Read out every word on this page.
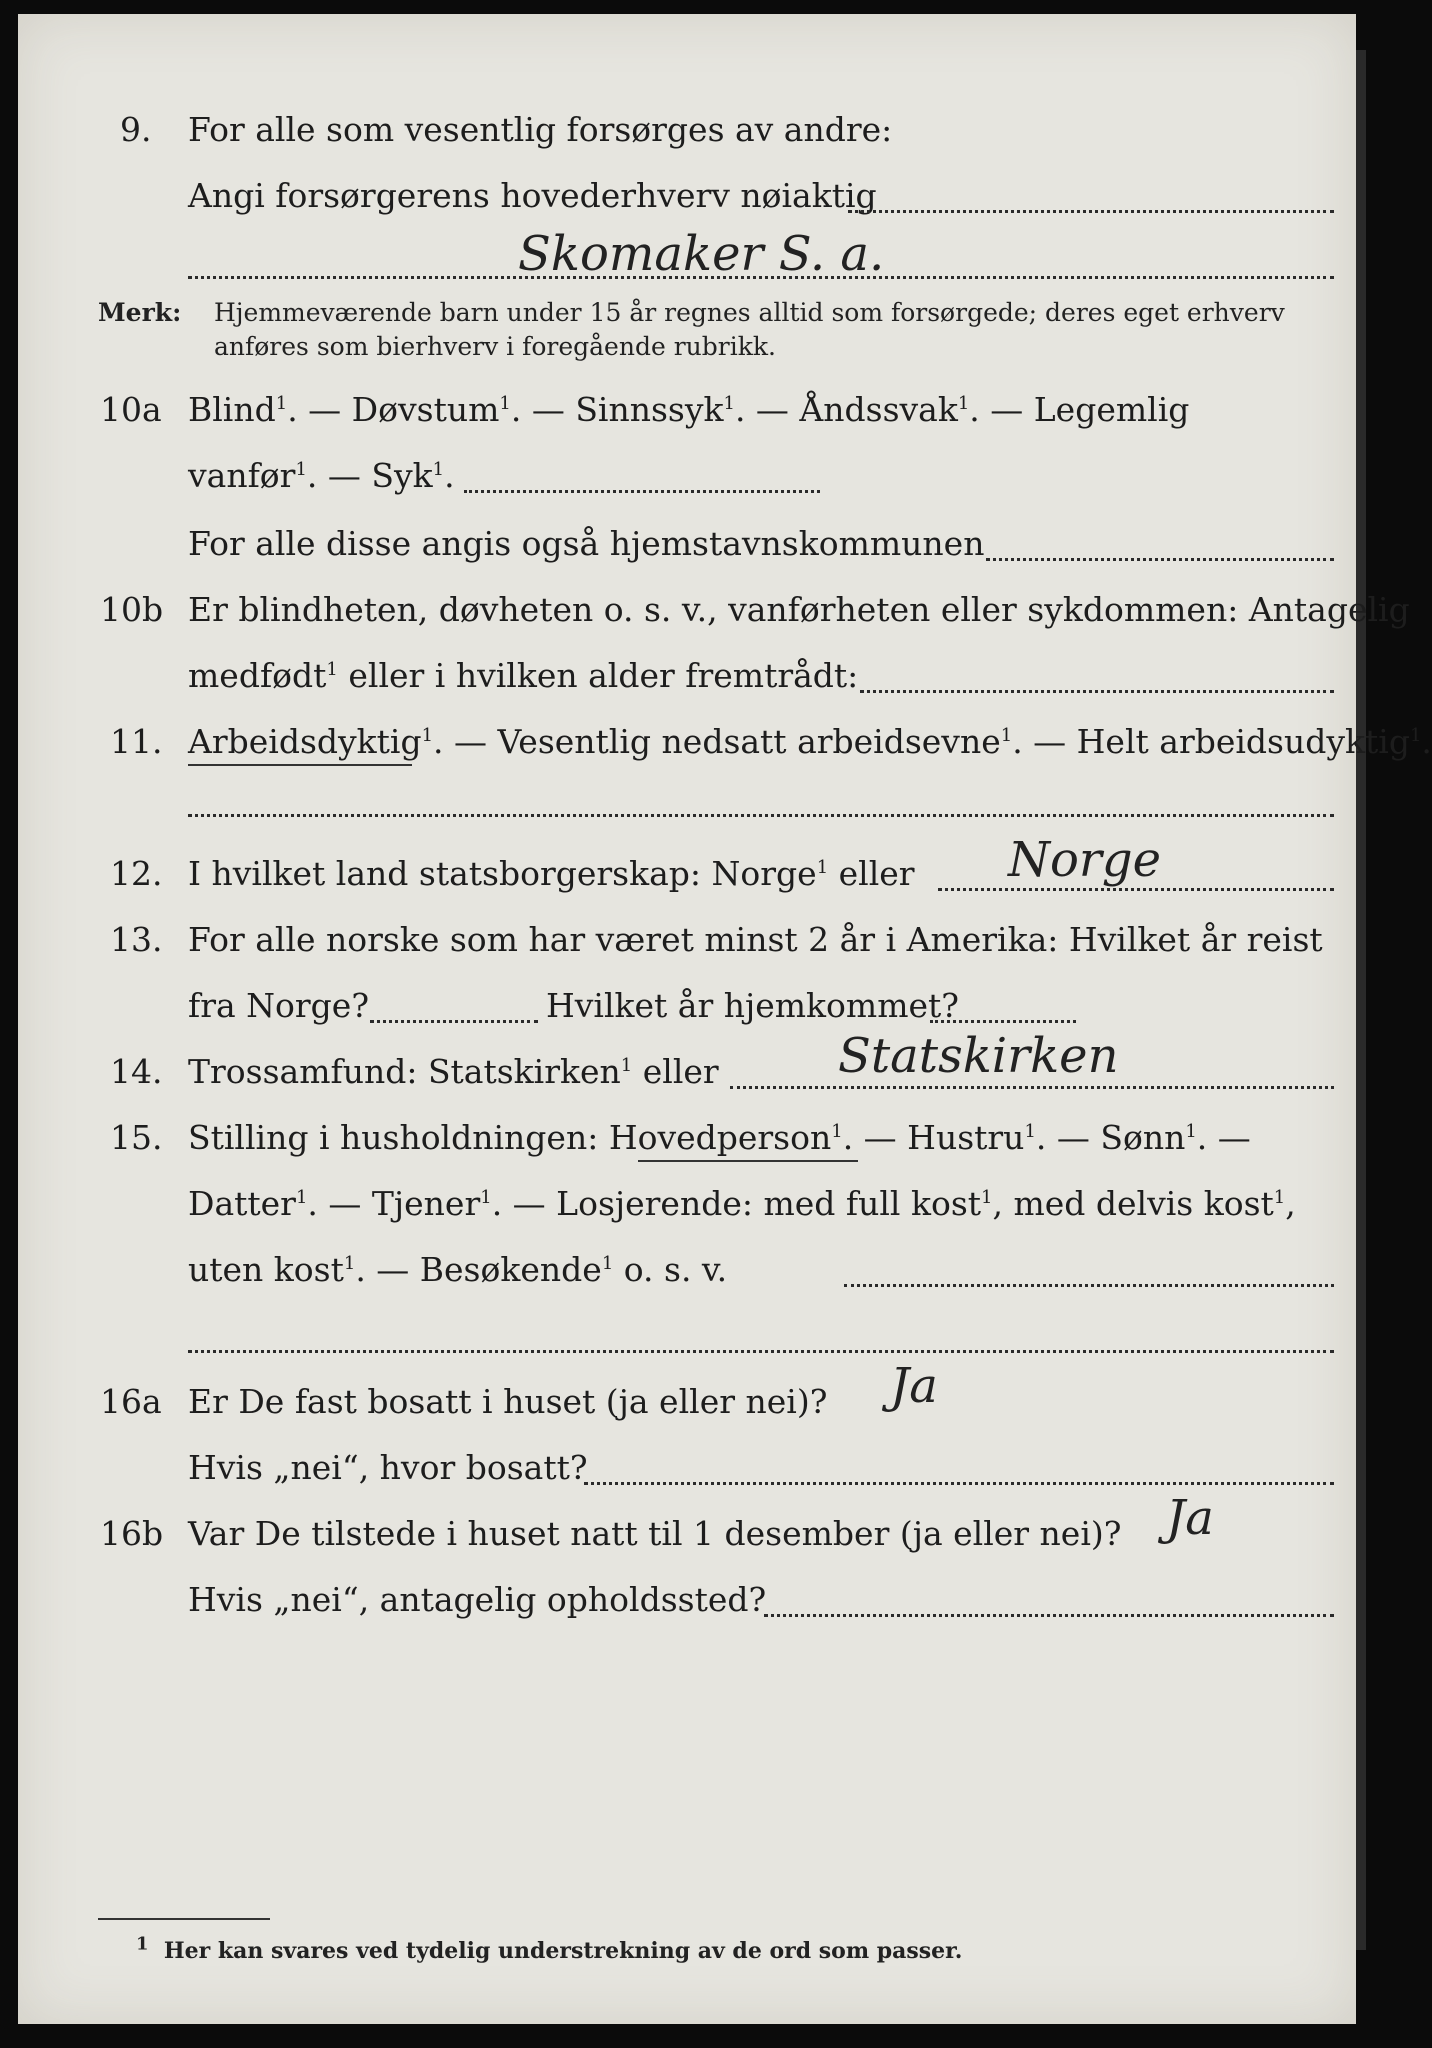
9. For alle som vesentlig forsørges av andre:
Angi forsørgerens hovederhverv nøiaktig
Skomaker S. a.
Merk: Hjemmeværende barn under 15 år regnes alltid som forsørgede; deres eget erhverv
anføres som bierhverv i foregående rubrikk.
10a Blind$^1$. — Døvstum$^1$. — Sinnssyk$^1$. — Åndssvak$^1$. — Legemlig
vanfør$^1$. — Syk$^1$.
For alle disse angis også hjemstavnskommunen
10b Er blindheten, døvheten o. s. v., vanførheten eller sykdommen: Antagelig
medfødt$^1$ eller i hvilken alder fremtrådt:
11. Arbeidsdyktig$^1$. — Vesentlig nedsatt arbeidsevne$^1$. — Helt arbeidsudyktig$^1$.
12. I hvilket land statsborgerskap: Norge$^1$ eller Norge
13. For alle norske som har været minst 2 år i Amerika: Hvilket år reist
fra Norge?	Hvilket år hjemkommet?
14. Trossamfund: Statskirken$^1$ eller Statskirken
15. Stilling i husholdningen: Hovedperson$^1$. — Hustru$^1$. — Sønn$^1$. —
Datter$^1$. — Tjener$^1$. — Losjerende: med full kost$^1$, med delvis kost$^1$,
uten kost$^1$. — Besøkende$^1$ o. s. v.
16a Er De fast bosatt i huset (ja eller nei)? Ja
Hvis „nei“, hvor bosatt?
16b Var De tilstede i huset natt til 1 desember (ja eller nei)? Ja
Hvis „nei“, antagelig opholdssted?
$^1$ Her kan svares ved tydelig understrekning av de ord som passer.
